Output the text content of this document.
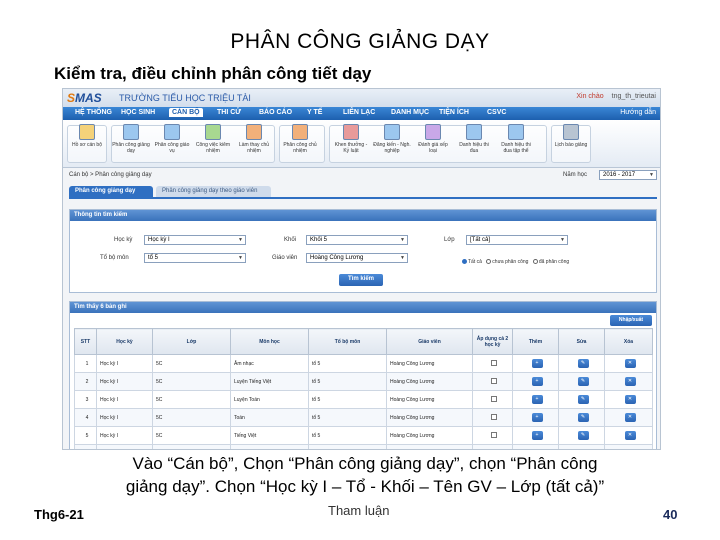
PHÂN CÔNG GIẢNG DẠY
Kiểm tra, điều chỉnh phân công tiết dạy
SMAS TRƯỜNG TIỂU HỌC TRIỆU TÀI	Xin chào tng_th_trieutai
Hướng dẫn
HỆ THỐNG HỌC SINH	CÁN BỘ	THI CỬ	BÁO CÁO Y TẾ	LIÊN LẠC DANH MỤC TIỆN ÍCH	CSVC
Hồ sơ cán bộ	Phân công giảng dạy
Phân công giáo vụ
Công việc kiêm nhiệm
Làm thay chủ nhiệm
Phân công chủ nhiệm
Khen thưởng - Kỷ luật
Đăng kiến - Ngh. nghiệp
Đánh giá xếp loại
Danh hiệu thi đua
Danh hiệu thi đua tập thể
Lịch báo giảng
Cán bộ > Phân công giảng dạy	Năm học	2016 - 2017 ▼
Phân công giảng dạy	Phân công giảng dạy theo giáo viên
Thông tin tìm kiếm
Học kỳ	Học kỳ I ▼	Khối	Khối 5 ▼	Lớp	[Tất cả] ▼
Tổ bộ môn	tổ 5 ▼	Giáo viên	Hoàng Công Lương ▼
Tất cả chưa phân công đã phân công
Tìm kiếm
Tìm thấy 6 bản ghi
Nhập/xuất
STT	Học kỳ	Lớp	Môn học	Tổ bộ môn	Giáo viên	Áp dụng cả 2 học kỳ	Thêm	Sửa	Xóa
1	Học kỳ I	5C	Âm nhạc	tổ 5	Hoàng Công Lương		+	✎	✕
2	Học kỳ I	5C	Luyện Tiếng Việt	tổ 5	Hoàng Công Lương		+	✎	✕
3	Học kỳ I	5C	Luyện Toán	tổ 5	Hoàng Công Lương		+	✎	✕
4	Học kỳ I	5C	Toán	tổ 5	Hoàng Công Lương		+	✎	✕
5	Học kỳ I	5C	Tiếng Việt	tổ 5	Hoàng Công Lương		+	✎	✕

Vào “Cán bộ”, Chọn “Phân công giảng dạy”, chọn “Phân công
giảng dạy”. Chọn “Học kỳ I – Tổ - Khối – Tên GV – Lớp (tất cả)”
Thg6-21	Tham luận	40
